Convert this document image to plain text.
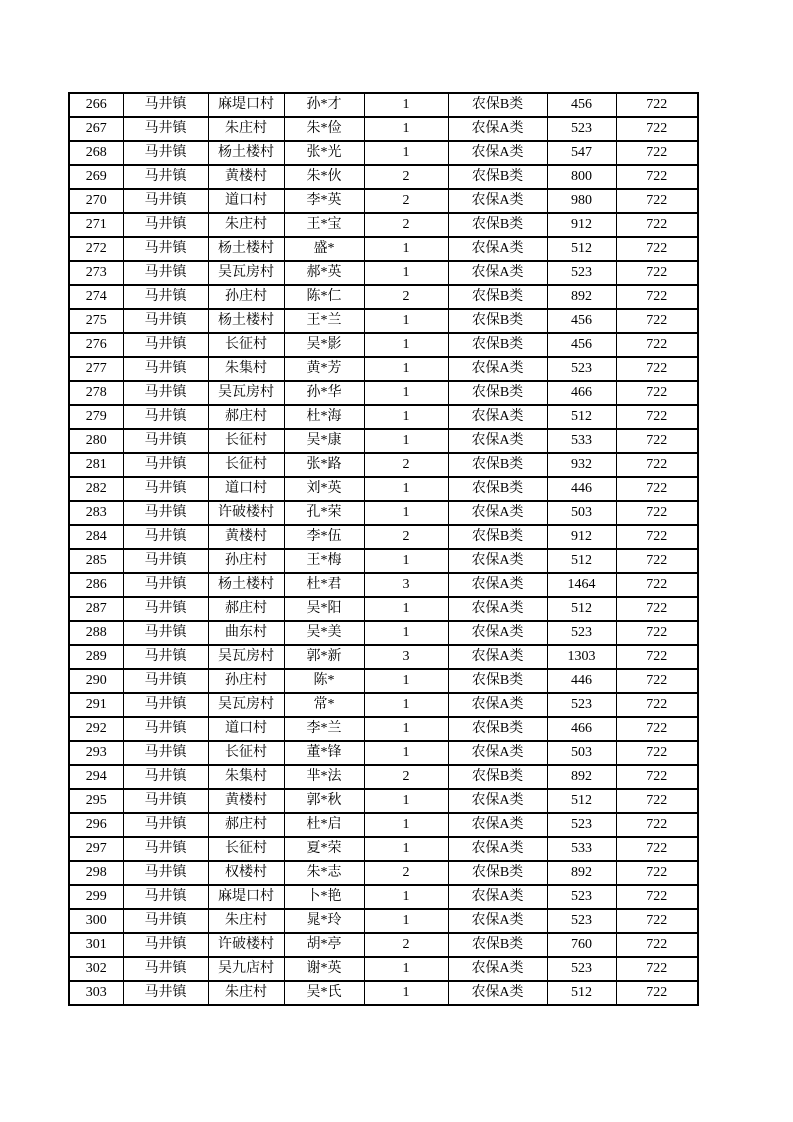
266	马井镇	麻堤口村	孙*才	1	农保B类	456	722
267	马井镇	朱庄村	朱*俭	1	农保A类	523	722
268	马井镇	杨土楼村	张*光	1	农保A类	547	722
269	马井镇	黄楼村	朱*伙	2	农保B类	800	722
270	马井镇	道口村	李*英	2	农保A类	980	722
271	马井镇	朱庄村	王*宝	2	农保B类	912	722
272	马井镇	杨土楼村	盛*	1	农保A类	512	722
273	马井镇	吴瓦房村	郝*英	1	农保A类	523	722
274	马井镇	孙庄村	陈*仁	2	农保B类	892	722
275	马井镇	杨土楼村	王*兰	1	农保B类	456	722
276	马井镇	长征村	吴*影	1	农保B类	456	722
277	马井镇	朱集村	黄*芳	1	农保A类	523	722
278	马井镇	吴瓦房村	孙*华	1	农保B类	466	722
279	马井镇	郝庄村	杜*海	1	农保A类	512	722
280	马井镇	长征村	吴*康	1	农保A类	533	722
281	马井镇	长征村	张*路	2	农保B类	932	722
282	马井镇	道口村	刘*英	1	农保B类	446	722
283	马井镇	许破楼村	孔*荣	1	农保A类	503	722
284	马井镇	黄楼村	李*伍	2	农保B类	912	722
285	马井镇	孙庄村	王*梅	1	农保A类	512	722
286	马井镇	杨土楼村	杜*君	3	农保A类	1464	722
287	马井镇	郝庄村	吴*阳	1	农保A类	512	722
288	马井镇	曲东村	吴*美	1	农保A类	523	722
289	马井镇	吴瓦房村	郭*新	3	农保A类	1303	722
290	马井镇	孙庄村	陈*	1	农保B类	446	722
291	马井镇	吴瓦房村	常*	1	农保A类	523	722
292	马井镇	道口村	李*兰	1	农保B类	466	722
293	马井镇	长征村	董*锋	1	农保A类	503	722
294	马井镇	朱集村	芈*法	2	农保B类	892	722
295	马井镇	黄楼村	郭*秋	1	农保A类	512	722
296	马井镇	郝庄村	杜*启	1	农保A类	523	722
297	马井镇	长征村	夏*荣	1	农保A类	533	722
298	马井镇	权楼村	朱*志	2	农保B类	892	722
299	马井镇	麻堤口村	卜*艳	1	农保A类	523	722
300	马井镇	朱庄村	晁*玲	1	农保A类	523	722
301	马井镇	许破楼村	胡*亭	2	农保B类	760	722
302	马井镇	吴九店村	谢*英	1	农保A类	523	722
303	马井镇	朱庄村	吴*氏	1	农保A类	512	722
